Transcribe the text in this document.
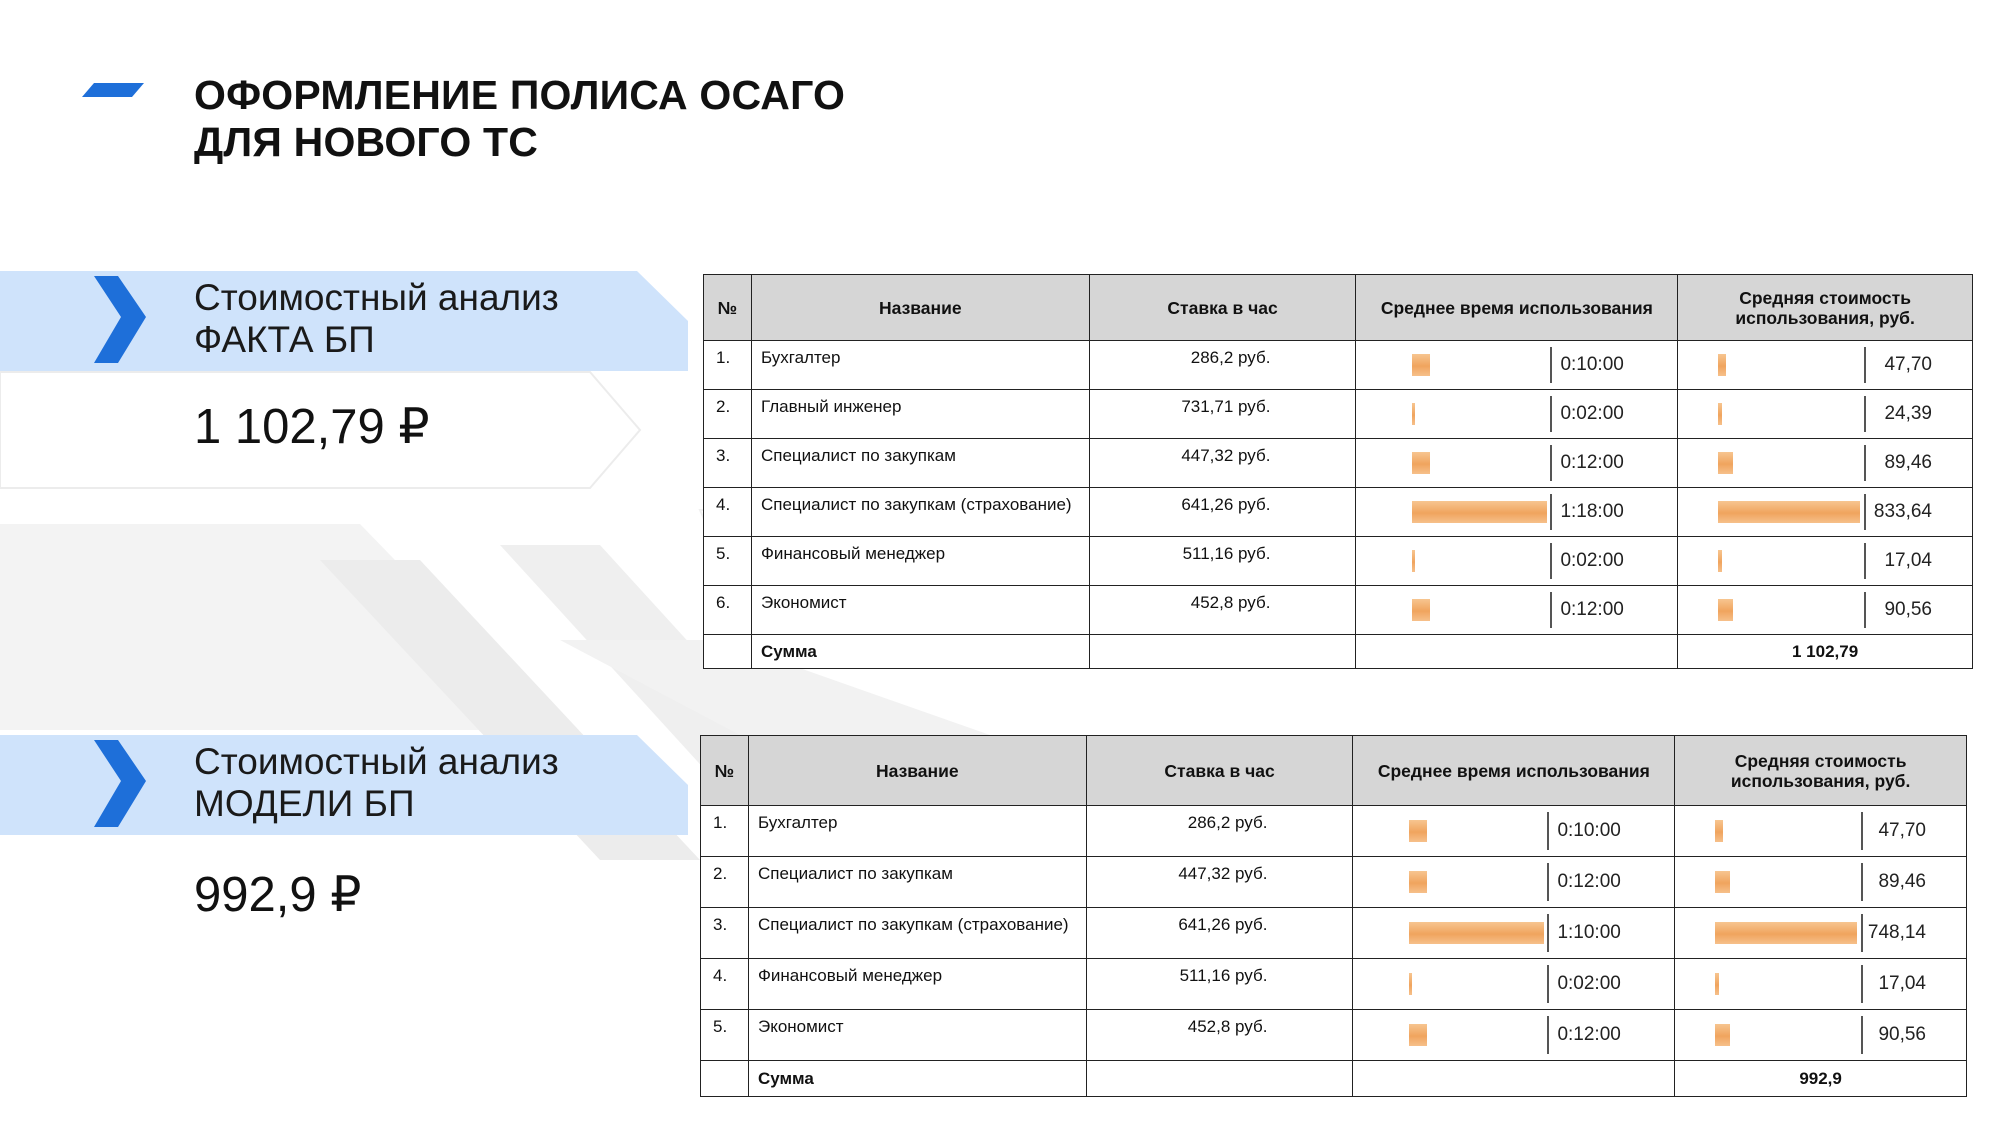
ОФОРМЛЕНИЕ ПОЛИСА ОСАГО
ДЛЯ НОВОГО ТС
Стоимостный анализ
ФАКТА БП
1 102,79 ₽
Стоимостный анализ
МОДЕЛИ БП
992,9 ₽
№	Название	Ставка в час	Среднее время использования	Средняя стоимость
использования, руб.
1.	Бухгалтер	286,2 руб.	0:10:00	47,70

2.	Главный инженер	731,71 руб.	0:02:00	24,39

3.	Специалист по закупкам	447,32 руб.	0:12:00	89,46

4.	Специалист по закупкам (страхование)	641,26 руб.	1:18:00	833,64

5.	Финансовый менеджер	511,16 руб.	0:02:00	17,04

6.	Экономист	452,8 руб.	0:12:00	90,56

	Сумма			1 102,79
№	Название	Ставка в час	Среднее время использования	Средняя стоимость
использования, руб.
1.	Бухгалтер	286,2 руб.	0:10:00	47,70

2.	Специалист по закупкам	447,32 руб.	0:12:00	89,46

3.	Специалист по закупкам (страхование)	641,26 руб.	1:10:00	748,14

4.	Финансовый менеджер	511,16 руб.	0:02:00	17,04

5.	Экономист	452,8 руб.	0:12:00	90,56

	Сумма			992,9
